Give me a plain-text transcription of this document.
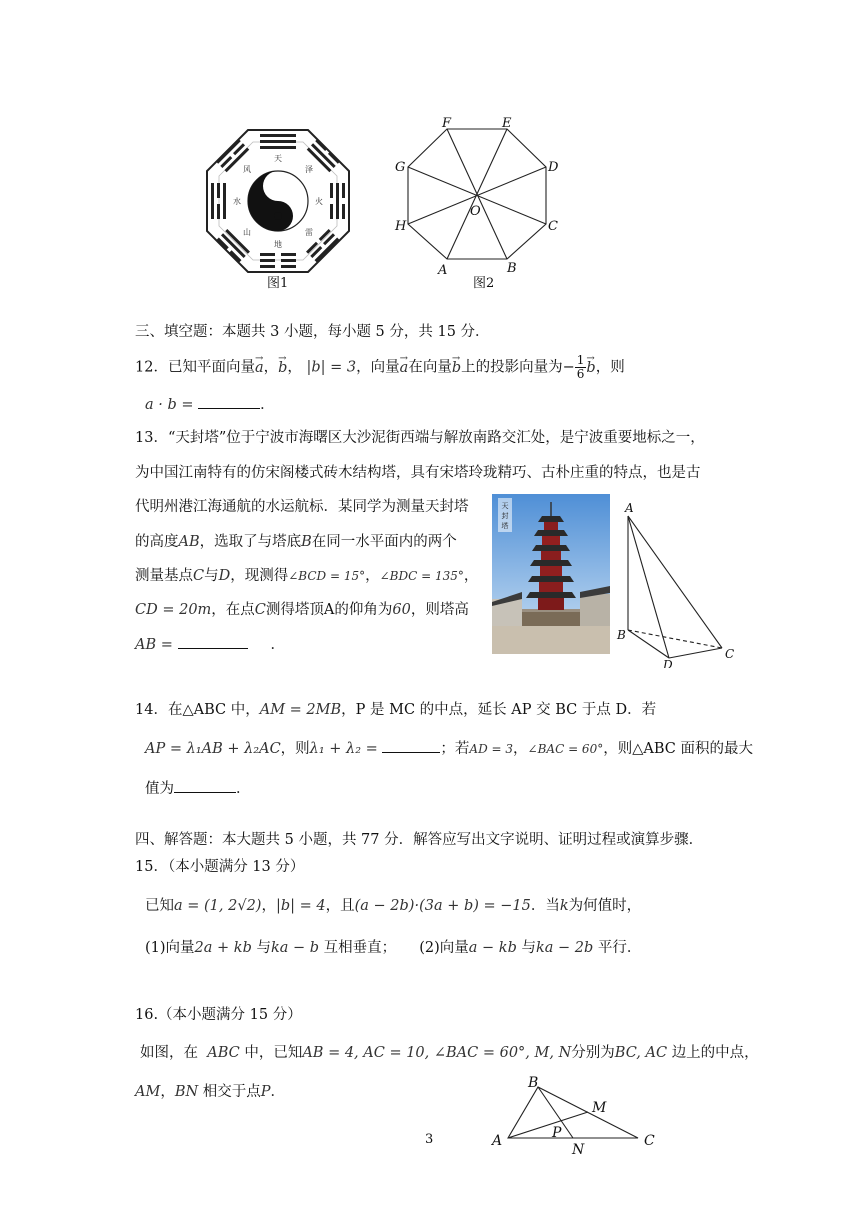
天
泽
火
雷
地
山
水
风
图1
A	B
C
D
E
F
G
H
O
图2
三、填空题：本题共 3 小题，每小题 5 分，共 15 分．
12．已知平面向量→ a，→ b， |b| = 3，向量→ a在向量→ b上的投影向量为− $\frac{1}{6}$
→ b，则
a · b =	．
13．“天封塔”位于宁波市海曙区大沙泥街西端与解放南路交汇处，是宁波重要地标之一，
为中国江南特有的仿宋阁楼式砖木结构塔，具有宋塔玲珑精巧、古朴庄重的特点，也是古
代明州港江海通航的水运航标．某同学为测量天封塔
的高度AB，选取了与塔底B在同一水平面内的两个
测量基点C与D，现测得∠BCD = 15°，∠BDC = 135°，
CD = 20m，在点C测得塔顶A的仰角为60，则塔高
AB =	．
天
封
塔
A
B
C
D
14．在△ABC 中，AM = 2MB，P 是 MC 的中点，延长 AP 交 BC 于点 D．若
AP = λ₁AB + λ₂AC，则λ₁ + λ₂ =	；若AD = 3，∠BAC = 60°，则△ABC 面积的最大
值为	．
四、解答题：本大题共 5 小题，共 77 分．解答应写出文字说明、证明过程或演算步骤．
15．（本小题满分 13 分）
已知a = (1, 2√2)，|b| = 4，且(a − 2b)·(3a + b) = −15．当k为何值时，
(1)向量2a + kb 与ka − b 互相垂直； (2)向量a − kb 与ka − 2b 平行．
16.（本小题满分 15 分）
如图，在 ABC 中，已知AB = 4, AC = 10, ∠BAC = 60°, M, N分别为BC, AC 边上的中点，
AM，BN 相交于点P．
A
B
C
M
N
P
3
